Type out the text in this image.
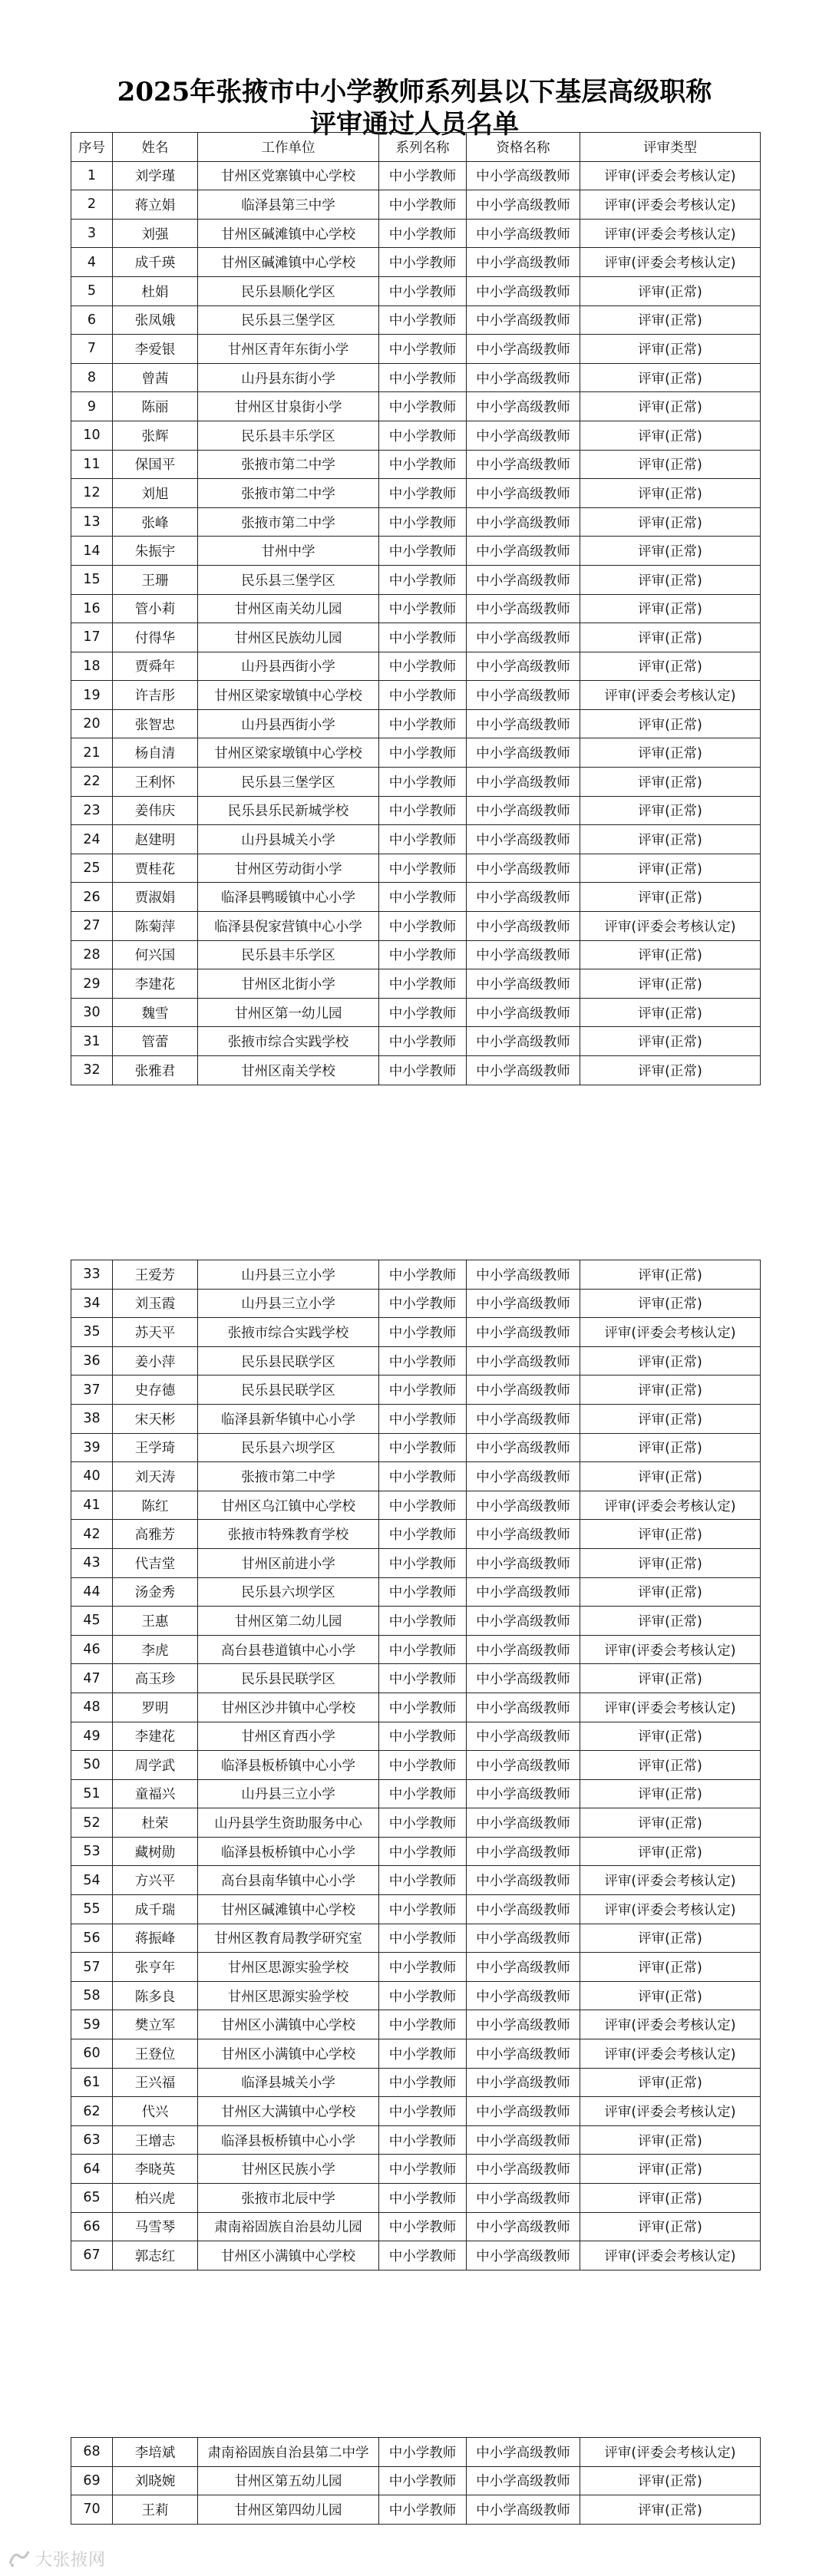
2025年张掖市中小学教师系列县以下基层高级职称
评审通过人员名单
序号	姓名	工作单位	系列名称	资格名称	评审类型
1	刘学瑾	甘州区党寨镇中心学校	中小学教师	中小学高级教师	评审(评委会考核认定)
2	蒋立娟	临泽县第三中学	中小学教师	中小学高级教师	评审(评委会考核认定)
3	刘强	甘州区碱滩镇中心学校	中小学教师	中小学高级教师	评审(评委会考核认定)
4	成千瑛	甘州区碱滩镇中心学校	中小学教师	中小学高级教师	评审(评委会考核认定)
5	杜娟	民乐县顺化学区	中小学教师	中小学高级教师	评审(正常)
6	张凤娥	民乐县三堡学区	中小学教师	中小学高级教师	评审(正常)
7	李爱银	甘州区青年东街小学	中小学教师	中小学高级教师	评审(正常)
8	曾茜	山丹县东街小学	中小学教师	中小学高级教师	评审(正常)
9	陈丽	甘州区甘泉街小学	中小学教师	中小学高级教师	评审(正常)
10	张辉	民乐县丰乐学区	中小学教师	中小学高级教师	评审(正常)
11	保国平	张掖市第二中学	中小学教师	中小学高级教师	评审(正常)
12	刘旭	张掖市第二中学	中小学教师	中小学高级教师	评审(正常)
13	张峰	张掖市第二中学	中小学教师	中小学高级教师	评审(正常)
14	朱振宇	甘州中学	中小学教师	中小学高级教师	评审(正常)
15	王珊	民乐县三堡学区	中小学教师	中小学高级教师	评审(正常)
16	管小莉	甘州区南关幼儿园	中小学教师	中小学高级教师	评审(正常)
17	付得华	甘州区民族幼儿园	中小学教师	中小学高级教师	评审(正常)
18	贾舜年	山丹县西街小学	中小学教师	中小学高级教师	评审(正常)
19	许吉彤	甘州区梁家墩镇中心学校	中小学教师	中小学高级教师	评审(评委会考核认定)
20	张智忠	山丹县西街小学	中小学教师	中小学高级教师	评审(正常)
21	杨自清	甘州区梁家墩镇中心学校	中小学教师	中小学高级教师	评审(正常)
22	王利怀	民乐县三堡学区	中小学教师	中小学高级教师	评审(正常)
23	姜伟庆	民乐县乐民新城学校	中小学教师	中小学高级教师	评审(正常)
24	赵建明	山丹县城关小学	中小学教师	中小学高级教师	评审(正常)
25	贾桂花	甘州区劳动街小学	中小学教师	中小学高级教师	评审(正常)
26	贾淑娟	临泽县鸭暖镇中心小学	中小学教师	中小学高级教师	评审(正常)
27	陈菊萍	临泽县倪家营镇中心小学	中小学教师	中小学高级教师	评审(评委会考核认定)
28	何兴国	民乐县丰乐学区	中小学教师	中小学高级教师	评审(正常)
29	李建花	甘州区北街小学	中小学教师	中小学高级教师	评审(正常)
30	魏雪	甘州区第一幼儿园	中小学教师	中小学高级教师	评审(正常)
31	管蕾	张掖市综合实践学校	中小学教师	中小学高级教师	评审(正常)
32	张雅君	甘州区南关学校	中小学教师	中小学高级教师	评审(正常)
33	王爱芳	山丹县三立小学	中小学教师	中小学高级教师	评审(正常)
34	刘玉霞	山丹县三立小学	中小学教师	中小学高级教师	评审(正常)
35	苏天平	张掖市综合实践学校	中小学教师	中小学高级教师	评审(评委会考核认定)
36	姜小萍	民乐县民联学区	中小学教师	中小学高级教师	评审(正常)
37	史存德	民乐县民联学区	中小学教师	中小学高级教师	评审(正常)
38	宋天彬	临泽县新华镇中心小学	中小学教师	中小学高级教师	评审(正常)
39	王学琦	民乐县六坝学区	中小学教师	中小学高级教师	评审(正常)
40	刘天涛	张掖市第二中学	中小学教师	中小学高级教师	评审(正常)
41	陈红	甘州区乌江镇中心学校	中小学教师	中小学高级教师	评审(评委会考核认定)
42	高雅芳	张掖市特殊教育学校	中小学教师	中小学高级教师	评审(正常)
43	代吉堂	甘州区前进小学	中小学教师	中小学高级教师	评审(正常)
44	汤金秀	民乐县六坝学区	中小学教师	中小学高级教师	评审(正常)
45	王惠	甘州区第二幼儿园	中小学教师	中小学高级教师	评审(正常)
46	李虎	高台县巷道镇中心小学	中小学教师	中小学高级教师	评审(评委会考核认定)
47	高玉珍	民乐县民联学区	中小学教师	中小学高级教师	评审(正常)
48	罗明	甘州区沙井镇中心学校	中小学教师	中小学高级教师	评审(评委会考核认定)
49	李建花	甘州区育西小学	中小学教师	中小学高级教师	评审(正常)
50	周学武	临泽县板桥镇中心小学	中小学教师	中小学高级教师	评审(正常)
51	童福兴	山丹县三立小学	中小学教师	中小学高级教师	评审(正常)
52	杜荣	山丹县学生资助服务中心	中小学教师	中小学高级教师	评审(正常)
53	藏树勋	临泽县板桥镇中心小学	中小学教师	中小学高级教师	评审(正常)
54	方兴平	高台县南华镇中心小学	中小学教师	中小学高级教师	评审(评委会考核认定)
55	成千瑞	甘州区碱滩镇中心学校	中小学教师	中小学高级教师	评审(评委会考核认定)
56	蒋振峰	甘州区教育局教学研究室	中小学教师	中小学高级教师	评审(正常)
57	张亨年	甘州区思源实验学校	中小学教师	中小学高级教师	评审(正常)
58	陈多良	甘州区思源实验学校	中小学教师	中小学高级教师	评审(正常)
59	樊立军	甘州区小满镇中心学校	中小学教师	中小学高级教师	评审(评委会考核认定)
60	王登位	甘州区小满镇中心学校	中小学教师	中小学高级教师	评审(评委会考核认定)
61	王兴福	临泽县城关小学	中小学教师	中小学高级教师	评审(正常)
62	代兴	甘州区大满镇中心学校	中小学教师	中小学高级教师	评审(评委会考核认定)
63	王增志	临泽县板桥镇中心小学	中小学教师	中小学高级教师	评审(正常)
64	李晓英	甘州区民族小学	中小学教师	中小学高级教师	评审(正常)
65	柏兴虎	张掖市北辰中学	中小学教师	中小学高级教师	评审(正常)
66	马雪琴	肃南裕固族自治县幼儿园	中小学教师	中小学高级教师	评审(正常)
67	郭志红	甘州区小满镇中心学校	中小学教师	中小学高级教师	评审(评委会考核认定)
68	李培斌	肃南裕固族自治县第二中学	中小学教师	中小学高级教师	评审(评委会考核认定)
69	刘晓婉	甘州区第五幼儿园	中小学教师	中小学高级教师	评审(正常)
70	王莉	甘州区第四幼儿园	中小学教师	中小学高级教师	评审(正常)
大张掖网
